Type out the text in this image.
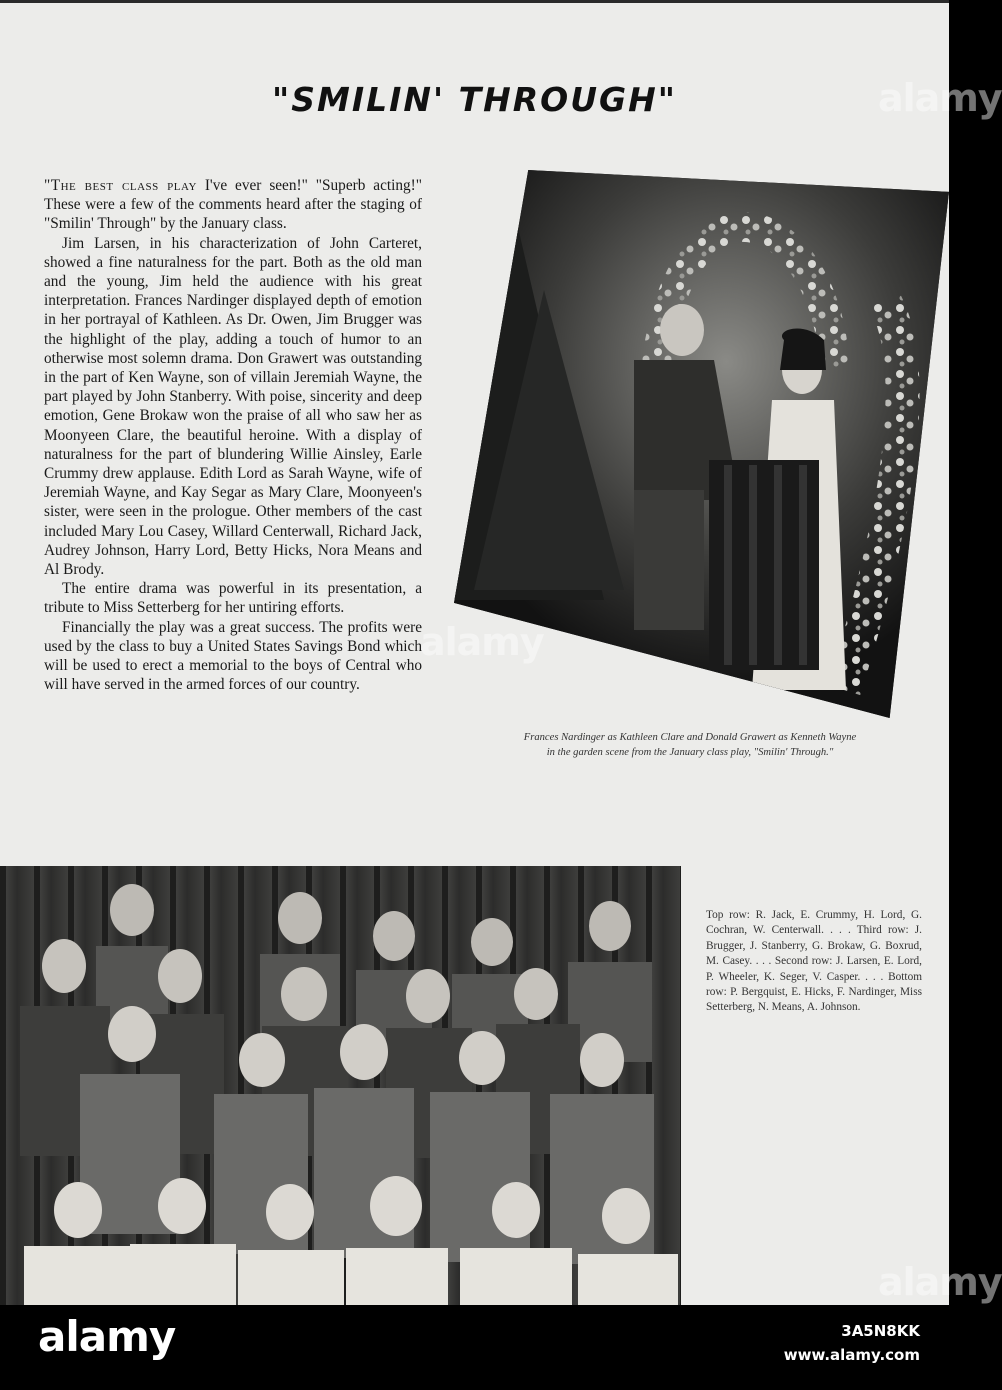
"SMILIN' THROUGH"

"The best class play I've ever seen!" "Superb acting!" These were a few of the comments heard after the staging of "Smilin' Through" by the January class.

Jim Larsen, in his characterization of John Carteret, showed a fine naturalness for the part. Both as the old man and the young, Jim held the audience with his great interpretation. Frances Nardinger displayed depth of emotion in her portrayal of Kathleen. As Dr. Owen, Jim Brugger was the highlight of the play, adding a touch of humor to an otherwise most solemn drama. Don Grawert was outstanding in the part of Ken Wayne, son of villain Jeremiah Wayne, the part played by John Stanberry. With poise, sincerity and deep emotion, Gene Brokaw won the praise of all who saw her as Moonyeen Clare, the beautiful heroine. With a display of naturalness for the part of blundering Willie Ainsley, Earle Crummy drew applause. Edith Lord as Sarah Wayne, wife of Jeremiah Wayne, and Kay Segar as Mary Clare, Moonyeen's sister, were seen in the prologue. Other members of the cast included Mary Lou Casey, Willard Centerwall, Richard Jack, Audrey Johnson, Harry Lord, Betty Hicks, Nora Means and Al Brody.

The entire drama was powerful in its presentation, a tribute to Miss Setterberg for her untiring efforts.

Financially the play was a great success. The profits were used by the class to buy a United States Savings Bond which will be used to erect a memorial to the boys of Central who will have served in the armed forces of our country.

Frances Nardinger as Kathleen Clare and Donald Grawert as Kenneth Wayne in the garden scene from the January class play, "Smilin' Through."

Top row: R. Jack, E. Crummy, H. Lord, G. Cochran, W. Centerwall. . . . Third row: J. Brugger, J. Stanberry, G. Brokaw, G. Boxrud, M. Casey. . . . Second row: J. Larsen, E. Lord, P. Wheeler, K. Seger, V. Casper. . . . Bottom row: P. Bergquist, E. Hicks, F. Nardinger, Miss Setterberg, N. Means, A. Johnson.

alamy
alamy
alamy
alamy	3A5N8KK
www.alamy.com
